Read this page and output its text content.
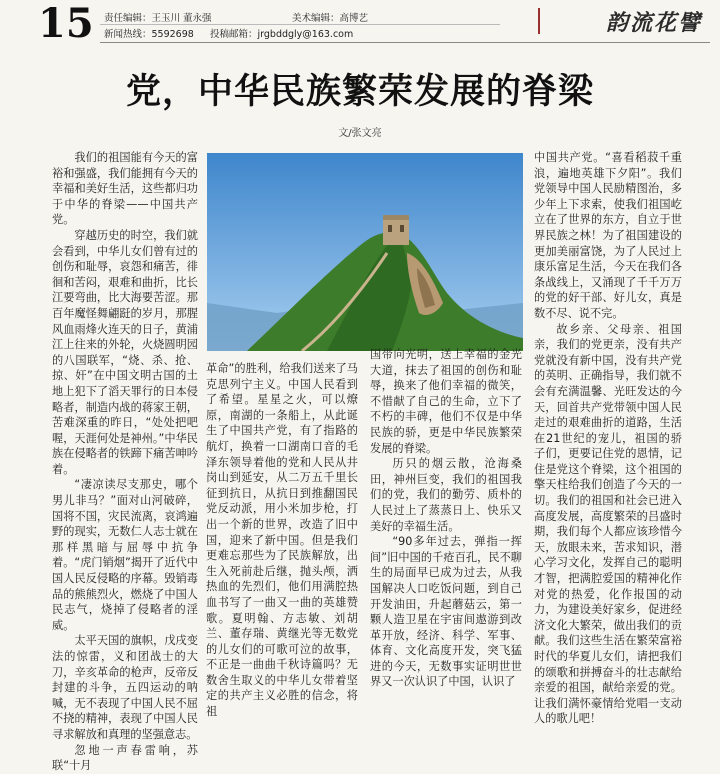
15 责任编辑：王玉川 董永强	美术编辑：高博艺
新闻热线：5592698 投稿邮箱：jrgbddgly@163.com	韵流花譬
党，中华民族繁荣发展的脊梁
文/张文亮

我们的祖国能有今天的富裕和强盛，我们能拥有今天的幸福和美好生活，这些都归功于中华的脊梁——中国共产党。

穿越历史的时空，我们就会看到，中华儿女们曾有过的创伤和耻辱，哀怨和痛苦，徘徊和苦闷，艰难和曲折，比长江要弯曲，比大海要苦涩。那百年魔怪舞翩跹的岁月，那腥风血雨烽火连天的日子，黄浦江上往来的外轮，火烧圆明园的八国联军，“烧、杀、抢、掠、奸”在中国文明古国的土地上犯下了滔天罪行的日本侵略者，制造内战的蒋家王朝，苦难深重的昨日，“处处把吧喔，天涯何处是神州。”中华民族在侵略者的铁蹄下痛苦呻吟着。

“凄凉读尽支那史，哪个男儿非马？”面对山河破碎，国将不国，灾民流离，哀鸿遍野的现实，无数仁人志士就在那样黑暗与屈辱中抗争着。“虎门销烟”揭开了近代中国人民反侵略的序幕。毁销毒品的熊熊烈火，燃烧了中国人民志气，烧掉了侵略者的淫威。

太平天国的旗帜，戊戌变法的惊雷，义和团战士的大刀，辛亥革命的枪声，反帝反封建的斗争，五四运动的呐喊，无不表现了中国人民不屈不挠的精神，表现了中国人民寻求解放和真理的坚强意志。

忽地一声春雷响，苏联“十月

革命”的胜利，给我们送来了马克思列宁主义。中国人民看到了希望。星星之火，可以燎原，南湖的一条船上，从此诞生了中国共产党，有了指路的航灯，换着一口湖南口音的毛泽东领导着他的党和人民从井岗山到延安，从二万五千里长征到抗日，从抗日到推翻国民党反动派，用小米加步枪，打出一个新的世界，改造了旧中国，迎来了新中国。但是我们更难忘那些为了民族解放，出生入死前赴后继，抛头颅，洒热血的先烈们，他们用满腔热血书写了一曲又一曲的英雄赞歌。夏明翰、方志敏、刘胡兰、董存瑞、黄继光等无数党的儿女们的可歌可泣的故事，不正是一曲曲千秋诗篇吗？无数舍生取义的中华儿女带着坚定的共产主义必胜的信念，将祖

国带向光明，送上幸福的金光大道，抹去了祖国的创伤和耻辱，换来了他们幸福的微笑，不惜献了自己的生命，立下了不朽的丰碑，他们不仅是中华民族的骄，更是中华民族繁荣发展的脊梁。

历只的烟云散，沧海桑田，神州巨变，我们的祖国我们的党，我们的勤劳、质朴的人民过上了蒸蒸日上、快乐又美好的幸福生活。

“90多年过去，弹指一挥间”旧中国的千疮百孔，民不聊生的局面早已成为过去，从我国解决人口吃饭问题，到自己开发油田，升起蘑菇云，第一颗人造卫星在宇宙间遨游到改革开放，经济、科学、军事、体育、文化高度开发，突飞猛进的今天，无数事实证明世世界又一次认识了中国，认识了

中国共产党。“喜看稻菽千重浪，遍地英雄下夕阳”。我们党领导中国人民励精图治，多少年上下求索，使我们祖国屹立在了世界的东方，自立于世界民族之林！为了祖国建设的更加美丽富饶，为了人民过上康乐富足生活，今天在我们各条战线上，又涌现了千千万万的党的好干部、好儿女，真是数不尽、说不完。

故乡亲、父母亲、祖国亲，我们的党更亲，没有共产党就没有新中国，没有共产党的英明、正确指导，我们就不会有充满温馨、光旺发达的今天，回首共产党带领中国人民走过的艰难曲折的道路，生活在21世纪的宠儿，祖国的骄子们，更要记住党的恩情，记住是党这个脊梁，这个祖国的擎天柱给我们创造了今天的一切。我们的祖国和社会已进入高度发展，高度繁荣的吕盛时期，我们每个人都应该珍惜今天，放眼未来，苦求知识，潜心学习文化，发挥自己的聪明才智，把满腔爱国的精神化作对党的热爱，化作报国的动力，为建设美好家乡，促进经济文化大繁荣，做出我们的贡献。我们这些生活在繁荣富裕时代的华夏儿女们，请把我们的颂歌和拼搏奋斗的壮志献给亲爱的祖国，献给亲爱的党。让我们满怀豪情给党唱一支动人的歌儿吧！
